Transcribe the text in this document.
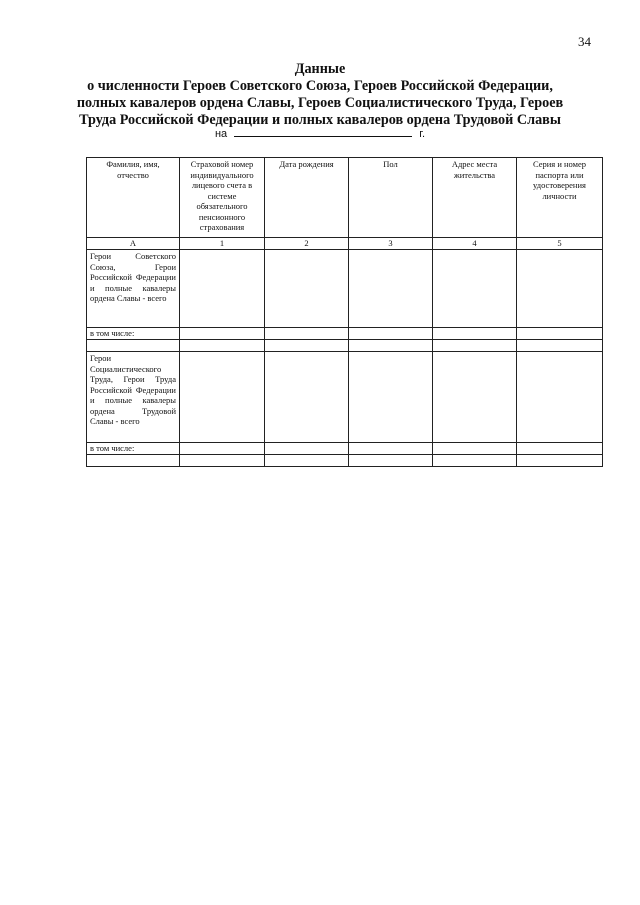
34
Данные
о численности Героев Советского Союза, Героев Российской Федерации,
полных кавалеров ордена Славы, Героев Социалистического Труда, Героев
Труда Российской Федерации и полных кавалеров ордена Трудовой Славы
на	г.
Фамилия, имя, отчество	Страховой номер индивидуального лицевого счета в системе обязательного пенсионного страхования	Дата рождения	Пол	Адрес места жительства	Серия и номер паспорта или удостоверения личности
А	1	2	3	4	5
Герои Советского Союза, Герои Российской Федерации и полные кавалеры ордена Славы - всего					
в том числе:					

Герои Социалистического Труда, Герои Труда Российской Федерации и полные кавалеры ордена Трудовой Славы - всего					
в том числе:					
